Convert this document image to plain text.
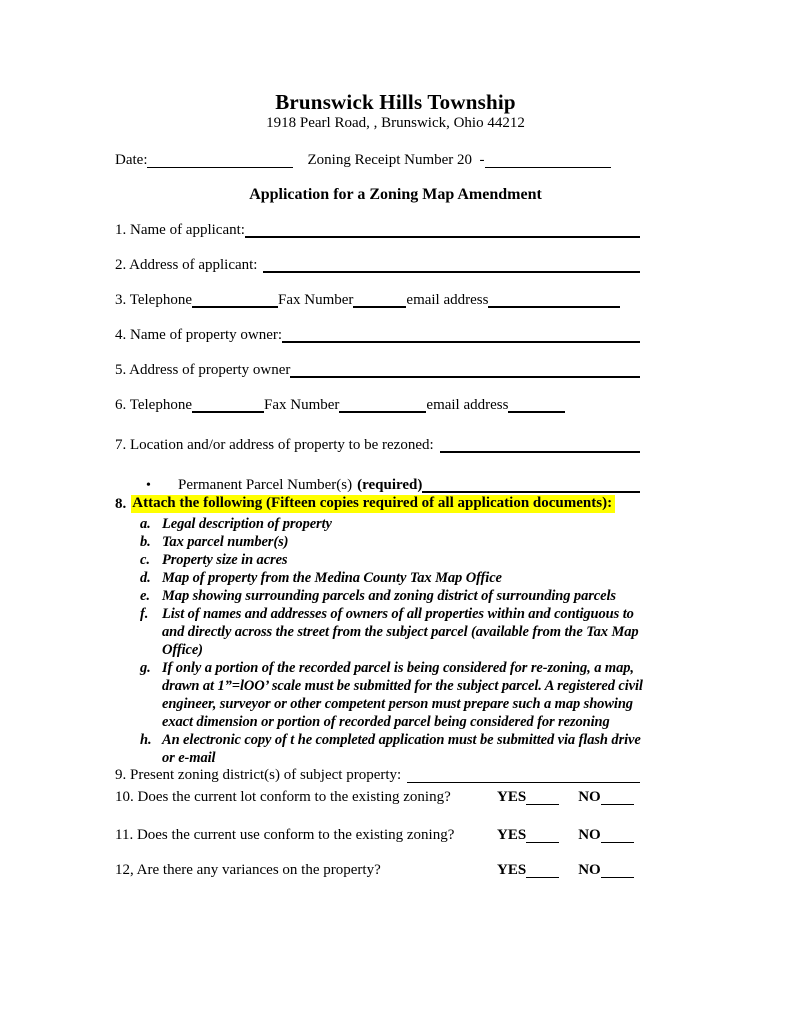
Brunswick Hills Township
1918 Pearl Road, , Brunswick, Ohio 44212
Date:	Zoning Receipt Number 20  -
Application for a Zoning Map Amendment
1. Name of applicant:
2. Address of applicant:
3. Telephone	Fax Number	email address
4. Name of property owner:
5. Address of property owner
6. Telephone	Fax Number	email address
7. Location and/or address of property to be rezoned:
•	Permanent Parcel Number(s) (required)
8. Attach the following (Fifteen copies required of all application documents):
a. Legal description of property
b. Tax parcel number(s)
c. Property size in acres
d. Map of property from the Medina County Tax Map Office
e. Map showing surrounding parcels and zoning district of surrounding parcels
f. List of names and addresses of owners of all properties within and contiguous to and directly across the street from the subject parcel (available from the Tax Map Office)
g. If only a portion of the recorded parcel is being considered for re-zoning, a map, drawn at 1”=lOO’ scale must be submitted for the subject parcel. A registered civil engineer, surveyor or other competent person must prepare such a map showing exact dimension or portion of recorded parcel being considered for rezoning
h. An electronic copy of t he completed application must be submitted via flash drive or e-mail
9. Present zoning district(s) of subject property:
10. Does the current lot conform to the existing zoning?	YES	NO
11. Does the current use conform to the existing zoning?	YES	NO
12, Are there any variances on the property?	YES	NO
